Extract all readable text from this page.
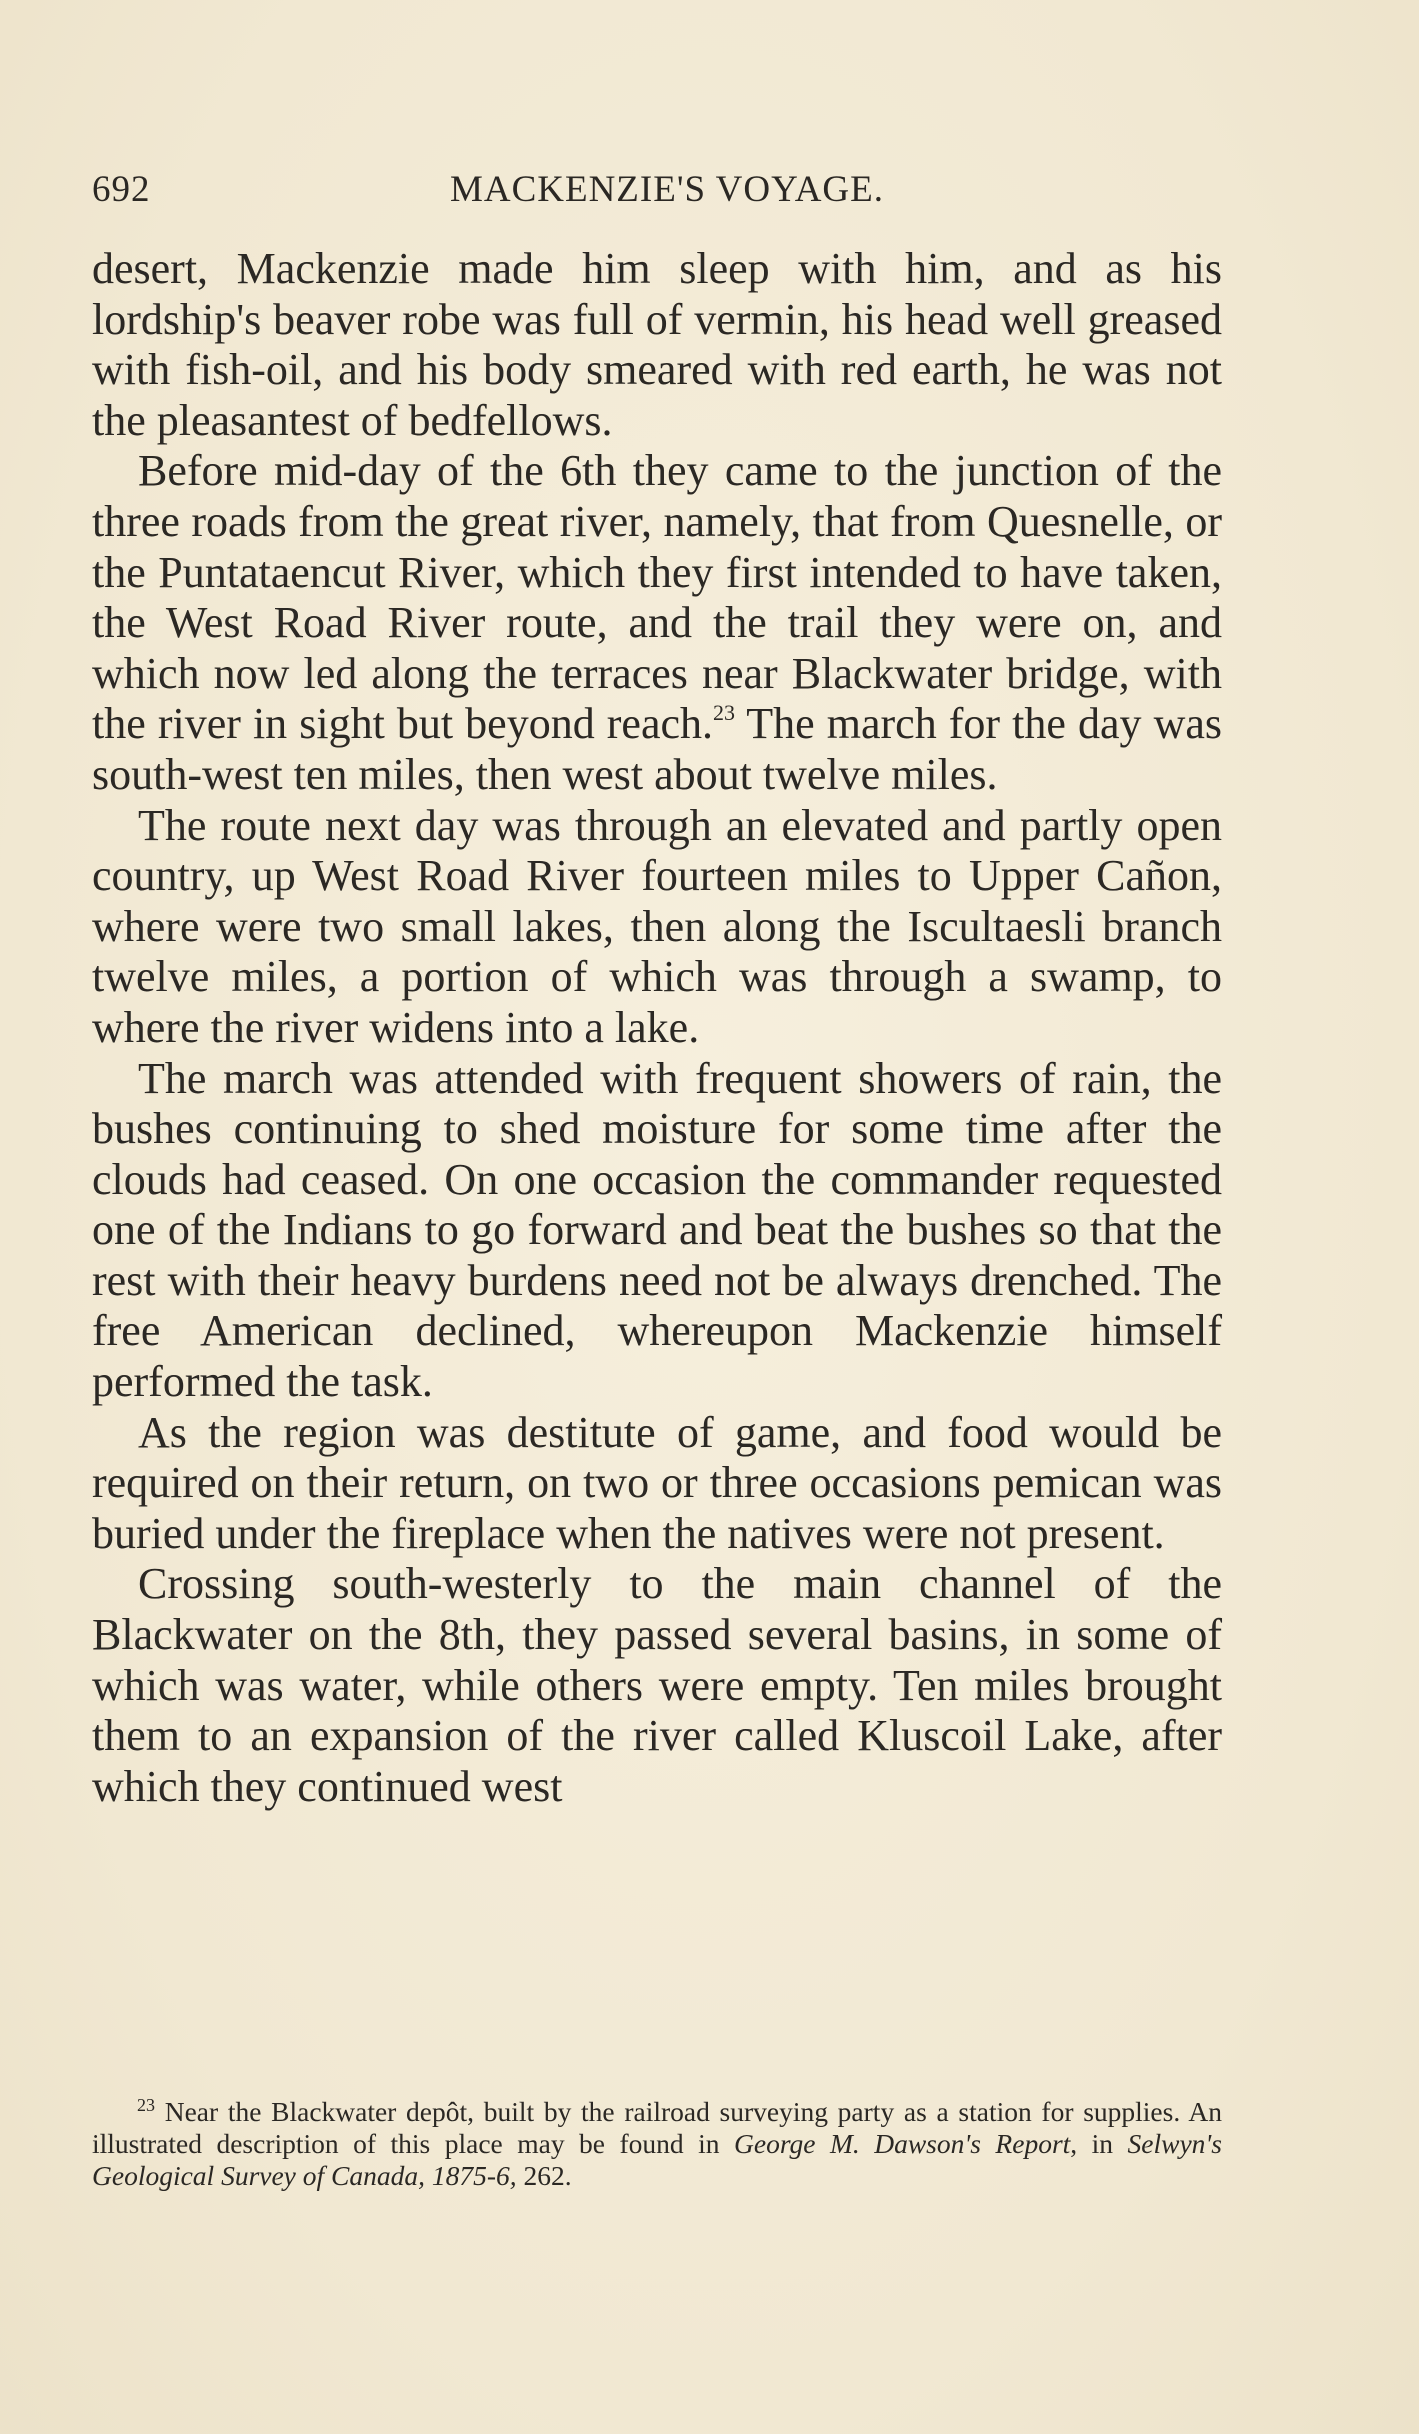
692	MACKENZIE'S VOYAGE.

desert, Mackenzie made him sleep with him, and as his lordship's beaver robe was full of vermin, his head well greased with fish-oil, and his body smeared with red earth, he was not the pleasantest of bedfellows.

Before mid-day of the 6th they came to the junction of the three roads from the great river, namely, that from Quesnelle, or the Puntataencut River, which they first intended to have taken, the West Road River route, and the trail they were on, and which now led along the terraces near Blackwater bridge, with the river in sight but beyond reach.$^{23}$ The march for the day was south-west ten miles, then west about twelve miles.

The route next day was through an elevated and partly open country, up West Road River fourteen miles to Upper Cañon, where were two small lakes, then along the Iscultaesli branch twelve miles, a portion of which was through a swamp, to where the river widens into a lake.

The march was attended with frequent showers of rain, the bushes continuing to shed moisture for some time after the clouds had ceased. On one occasion the commander requested one of the Indians to go forward and beat the bushes so that the rest with their heavy burdens need not be always drenched. The free American declined, whereupon Mackenzie himself performed the task.

As the region was destitute of game, and food would be required on their return, on two or three occasions pemican was buried under the fireplace when the natives were not present.

Crossing south-westerly to the main channel of the Blackwater on the 8th, they passed several basins, in some of which was water, while others were empty. Ten miles brought them to an expansion of the river called Kluscoil Lake, after which they continued west

$^{23}$ Near the Blackwater depôt, built by the railroad surveying party as a station for supplies. An illustrated description of this place may be found in George M. Dawson's Report, in Selwyn's Geological Survey of Canada, 1875-6, 262.
